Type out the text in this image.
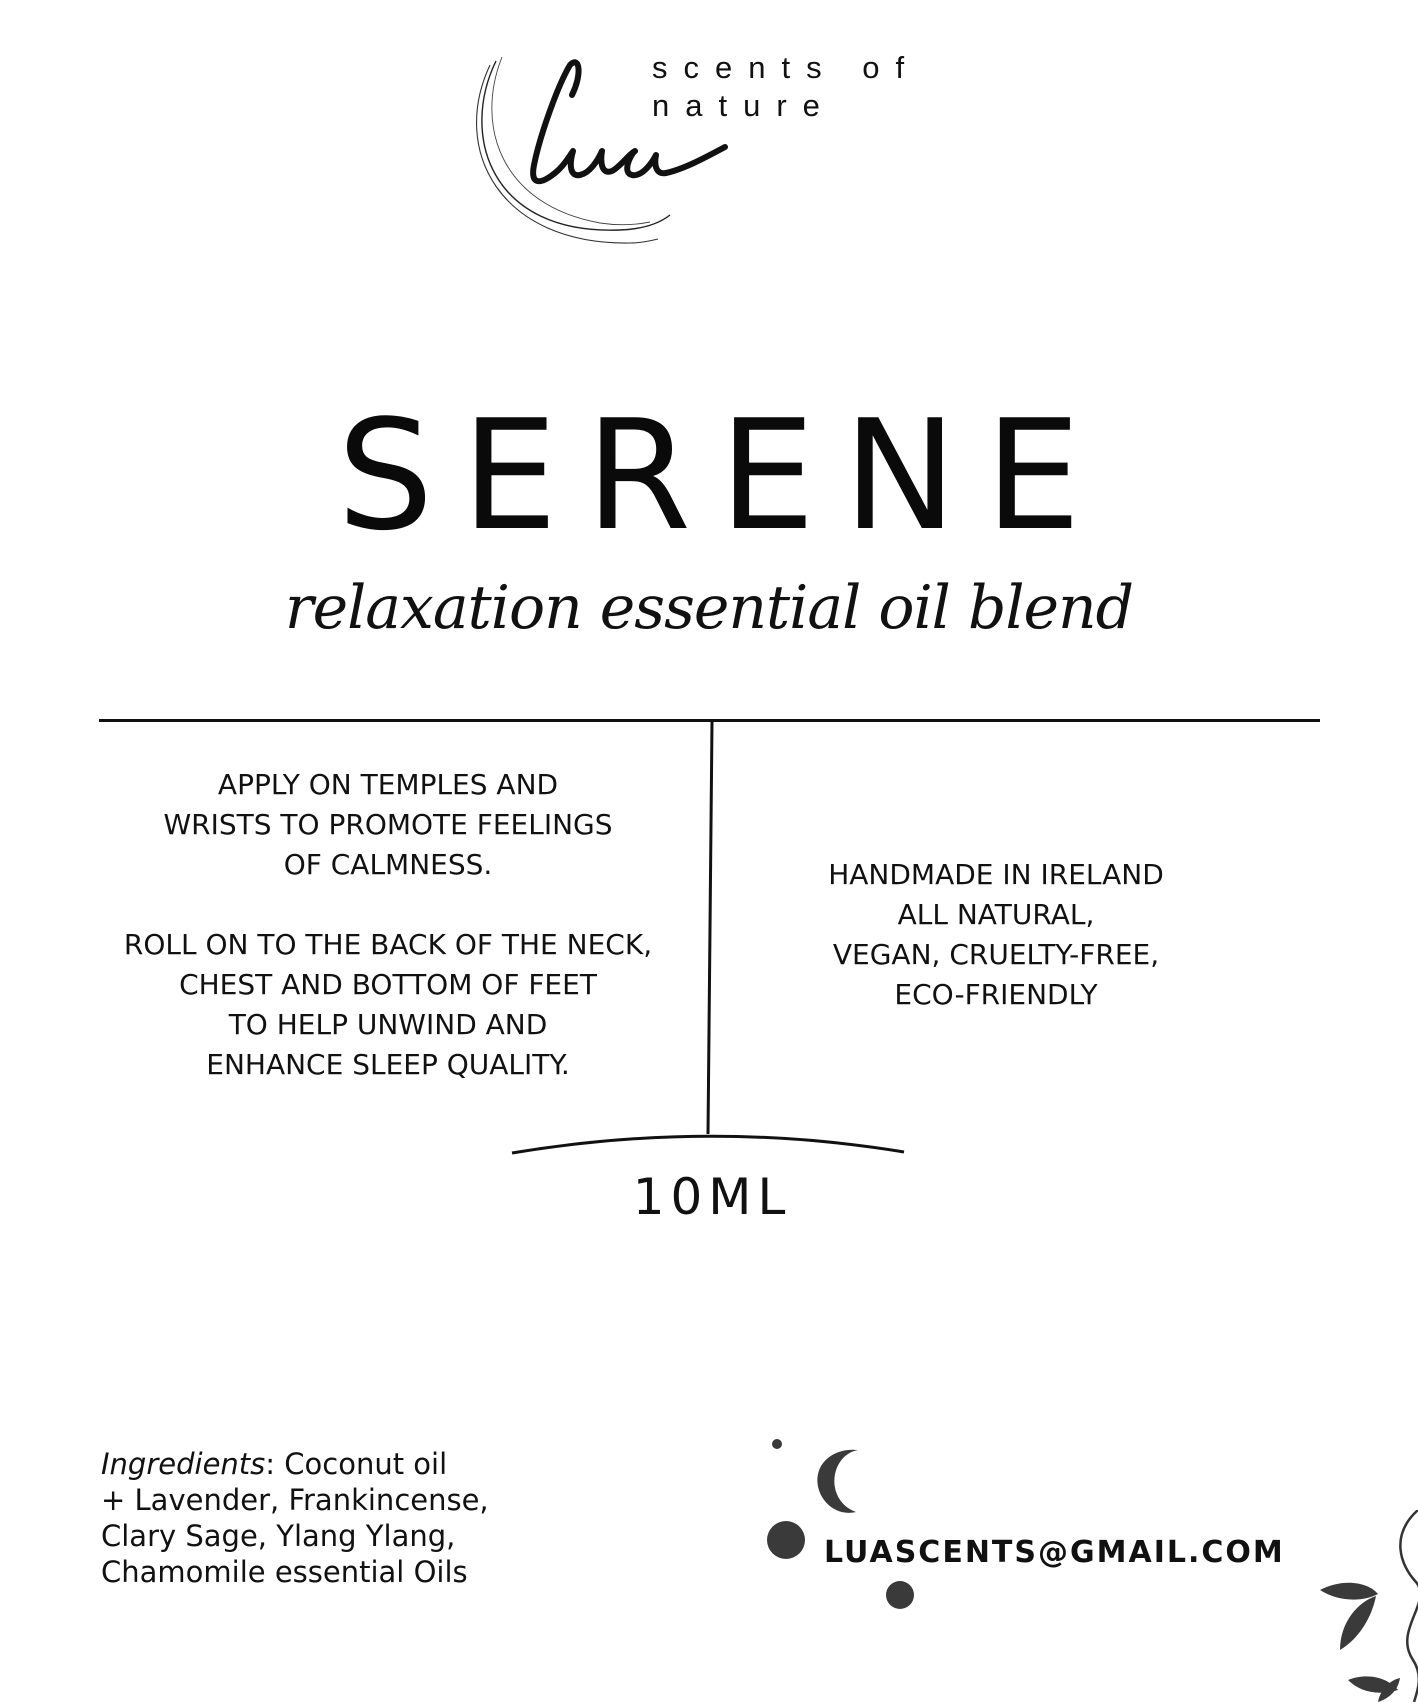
scents of
nature
SERENE
relaxation essential oil blend
APPLY ON TEMPLES AND
WRISTS TO PROMOTE FEELINGS
OF CALMNESS.
ROLL ON TO THE BACK OF THE NECK,
CHEST AND BOTTOM OF FEET
TO HELP UNWIND AND
ENHANCE SLEEP QUALITY.
HANDMADE IN IRELAND
ALL NATURAL,
VEGAN, CRUELTY-FREE,
ECO-FRIENDLY
10ML
Ingredients: Coconut oil
+ Lavender, Frankincense,
Clary Sage, Ylang Ylang,
Chamomile essential Oils
LUASCENTS@GMAIL.COM
